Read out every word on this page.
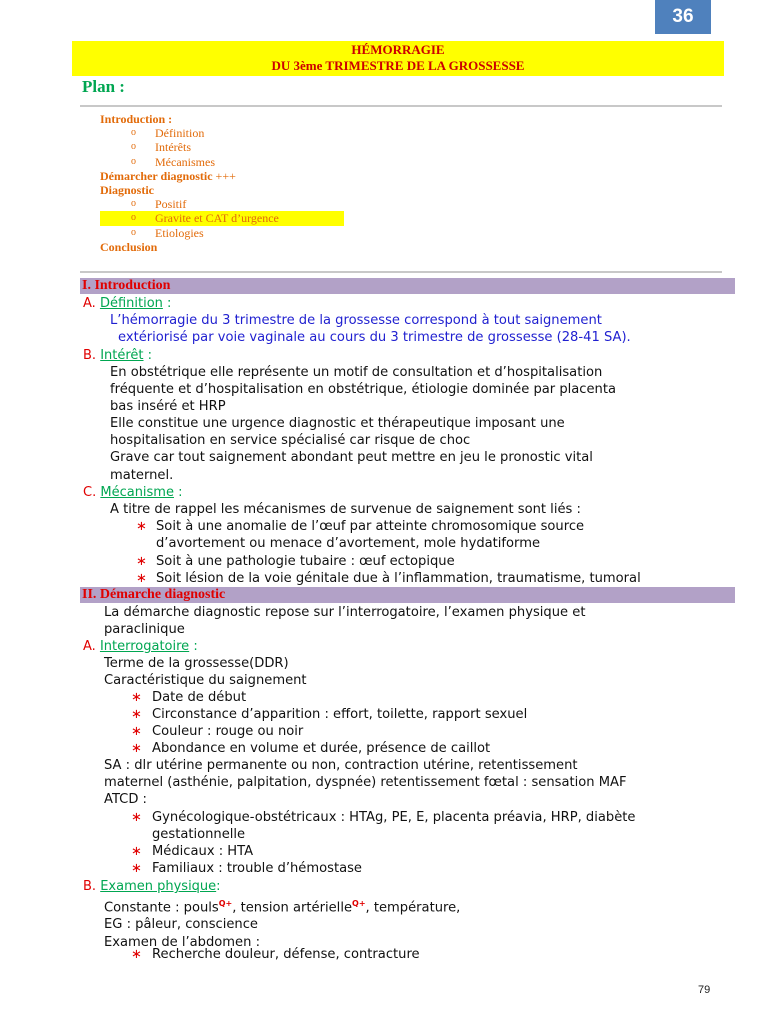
36
HÉMORRAGIE
DU 3ème TRIMESTRE DE LA GROSSESSE
Plan :
Introduction :
o Définition
o Intérêts
o Mécanismes
Démarcher diagnostic +++
Diagnostic
o Positif
o Gravite et CAT d’urgence
o Etiologies
Conclusion
I. Introduction
A. Définition :
L’hémorragie du 3 trimestre de la grossesse correspond à tout saignement
extériorisé par voie vaginale au cours du 3 trimestre de grossesse (28-41 SA).
B. Intérêt :
En obstétrique elle représente un motif de consultation et d’hospitalisation
fréquente et d’hospitalisation en obstétrique, étiologie dominée par placenta
bas inséré et HRP
Elle constitue une urgence diagnostic et thérapeutique imposant une
hospitalisation en service spécialisé car risque de choc
Grave car tout saignement abondant peut mettre en jeu le pronostic vital
maternel.
C. Mécanisme :
A titre de rappel les mécanismes de survenue de saignement sont liés :
∗ Soit à une anomalie de l’œuf par atteinte chromosomique source
d’avortement ou menace d’avortement, mole hydatiforme
∗ Soit à une pathologie tubaire : œuf ectopique
∗ Soit lésion de la voie génitale due à l’inflammation, traumatisme, tumoral
II. Démarche diagnostic
La démarche diagnostic repose sur l’interrogatoire, l’examen physique et
paraclinique
A. Interrogatoire :
Terme de la grossesse(DDR)
Caractéristique du saignement
∗ Date de début
∗ Circonstance d’apparition : effort, toilette, rapport sexuel
∗ Couleur : rouge ou noir
∗ Abondance en volume et durée, présence de caillot
SA : dlr utérine permanente ou non, contraction utérine, retentissement
maternel (asthénie, palpitation, dyspnée) retentissement fœtal : sensation MAF
ATCD :
∗ Gynécologique-obstétricaux : HTAg, PE, E, placenta préavia, HRP, diabète
gestationnelle
∗ Médicaux : HTA
∗ Familiaux : trouble d’hémostase
B. Examen physique:
Constante : pouls$^{Q+}$, tension artérielle$^{Q+}$, température,
EG : pâleur, conscience
Examen de l’abdomen :
∗ Recherche douleur, défense, contracture
79
